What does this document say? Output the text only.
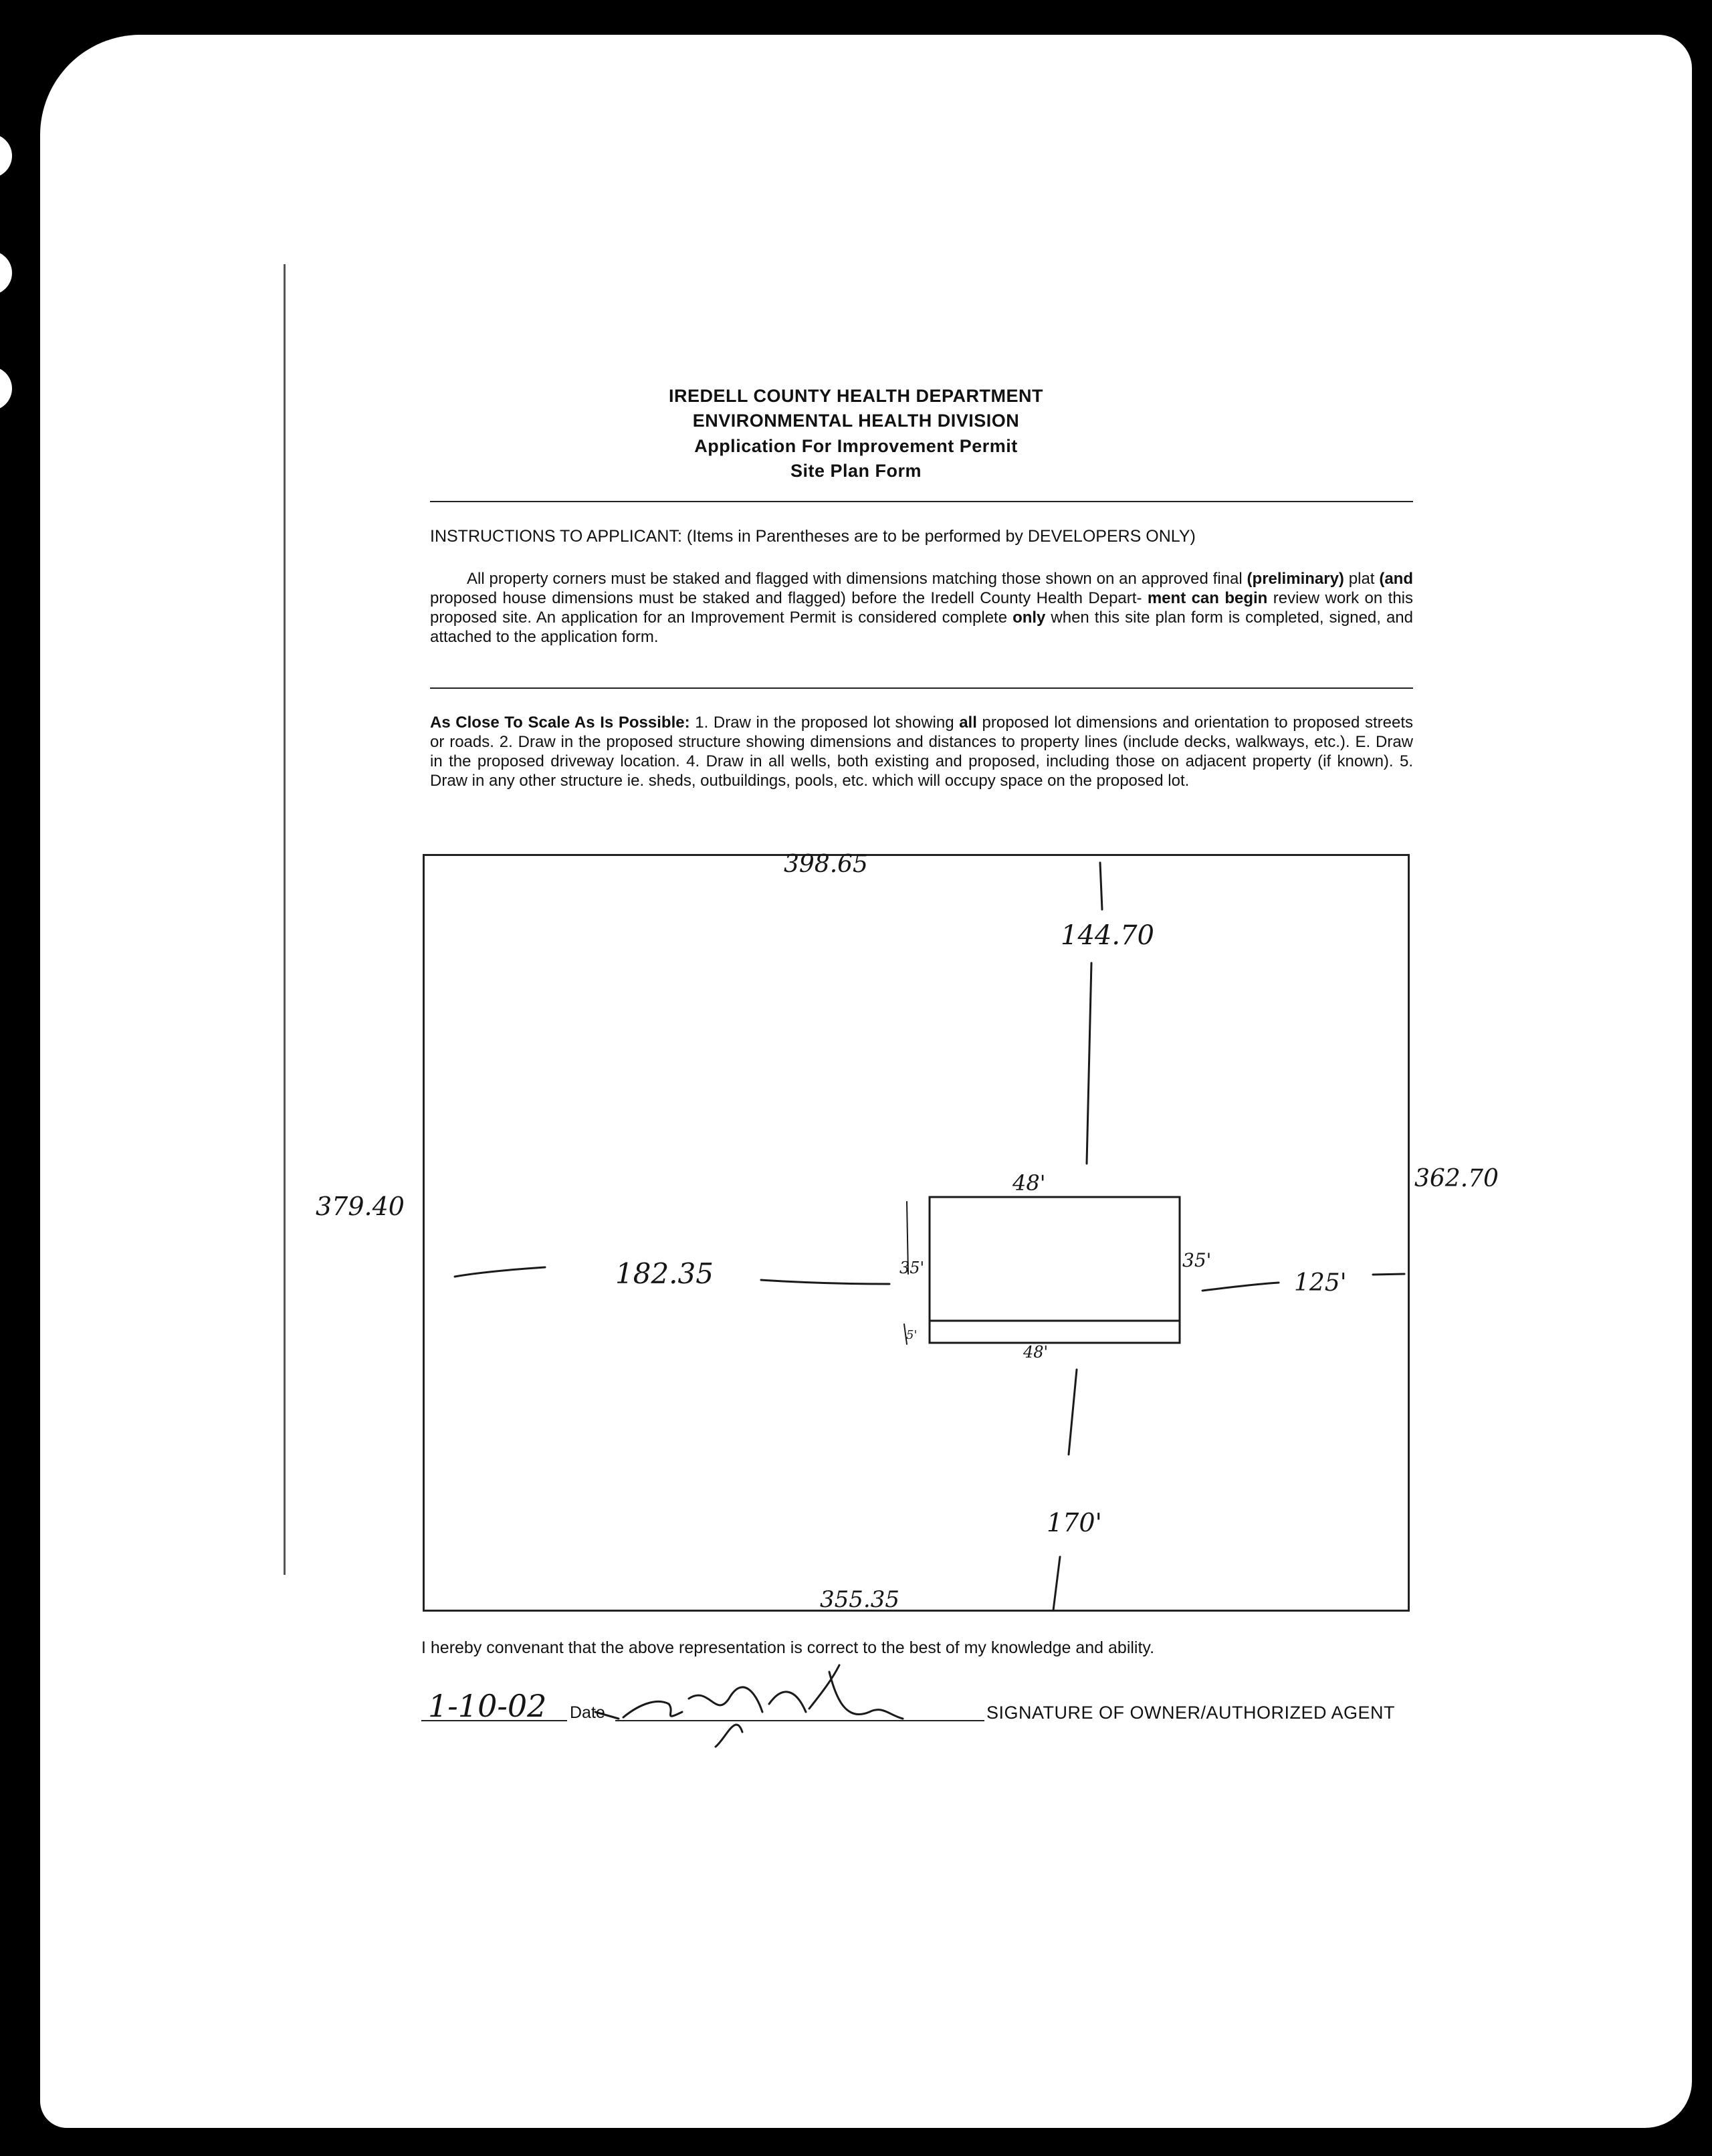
IREDELL COUNTY HEALTH DEPARTMENT
ENVIRONMENTAL HEALTH DIVISION
Application For Improvement Permit
Site Plan Form
INSTRUCTIONS TO APPLICANT: (Items in Parentheses are to be performed by DEVELOPERS ONLY)
All property corners must be staked and flagged with dimensions matching those shown on an approved final (preliminary) plat (and proposed house dimensions must be staked and flagged) before the Iredell County Health Depart- ment can begin review work on this proposed site. An application for an Improvement Permit is considered complete only when this site plan form is completed, signed, and attached to the application form.
As Close To Scale As Is Possible: 1. Draw in the proposed lot showing all proposed lot dimensions and orientation to proposed streets or roads. 2. Draw in the proposed structure showing dimensions and distances to property lines (include decks, walkways, etc.). E. Draw in the proposed driveway location. 4. Draw in all wells, both existing and proposed, including those on adjacent property (if known). 5. Draw in any other structure ie. sheds, outbuildings, pools, etc. which will occupy space on the proposed lot.
398.65
355.35
379.40
362.70
144.70
182.35	125'
170'
48'
48'
35'	35'
5'
I hereby convenant that the above representation is correct to the best of my knowledge and ability.
1-10-02 Date	SIGNATURE OF OWNER/AUTHORIZED AGENT
